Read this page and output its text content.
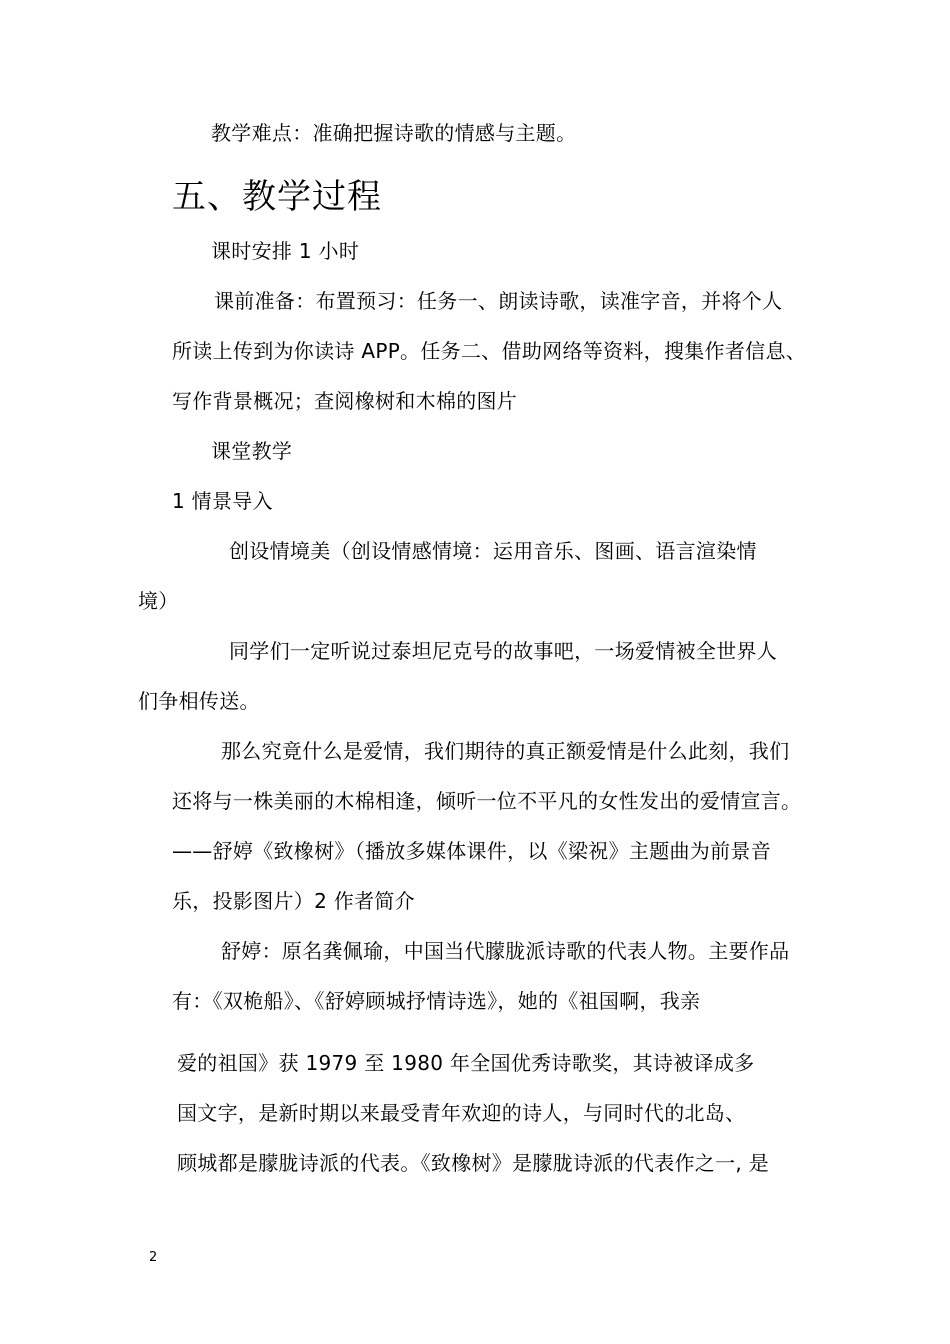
教学难点：准确把握诗歌的情感与主题。
五、教学过程
课时安排 1 小时
课前准备：布置预习：任务一、朗读诗歌，读准字音，并将个人
所读上传到为你读诗 APP。任务二、借助网络等资料，搜集作者信息、
写作背景概况；查阅橡树和木棉的图片
课堂教学
1 情景导入
创设情境美（创设情感情境：运用音乐、图画、语言渲染情
境）
同学们一定听说过泰坦尼克号的故事吧，一场爱情被全世界人
们争相传送。
那么究竟什么是爱情，我们期待的真正额爱情是什么此刻，我们
还将与一株美丽的木棉相逢，倾听一位不平凡的女性发出的爱情宣言。
——舒婷《致橡树》（播放多媒体课件，以《梁祝》主题曲为前景音
乐，投影图片）2 作者简介
舒婷：原名龚佩瑜，中国当代朦胧派诗歌的代表人物。主要作品
有：《双桅船》、《舒婷顾城抒情诗选》，她的《祖国啊，我亲
爱的祖国》获 1979 至 1980 年全国优秀诗歌奖，其诗被译成多
国文字，是新时期以来最受青年欢迎的诗人，与同时代的北岛、
顾城都是朦胧诗派的代表。《致橡树》是朦胧诗派的代表作之一, 是
2
